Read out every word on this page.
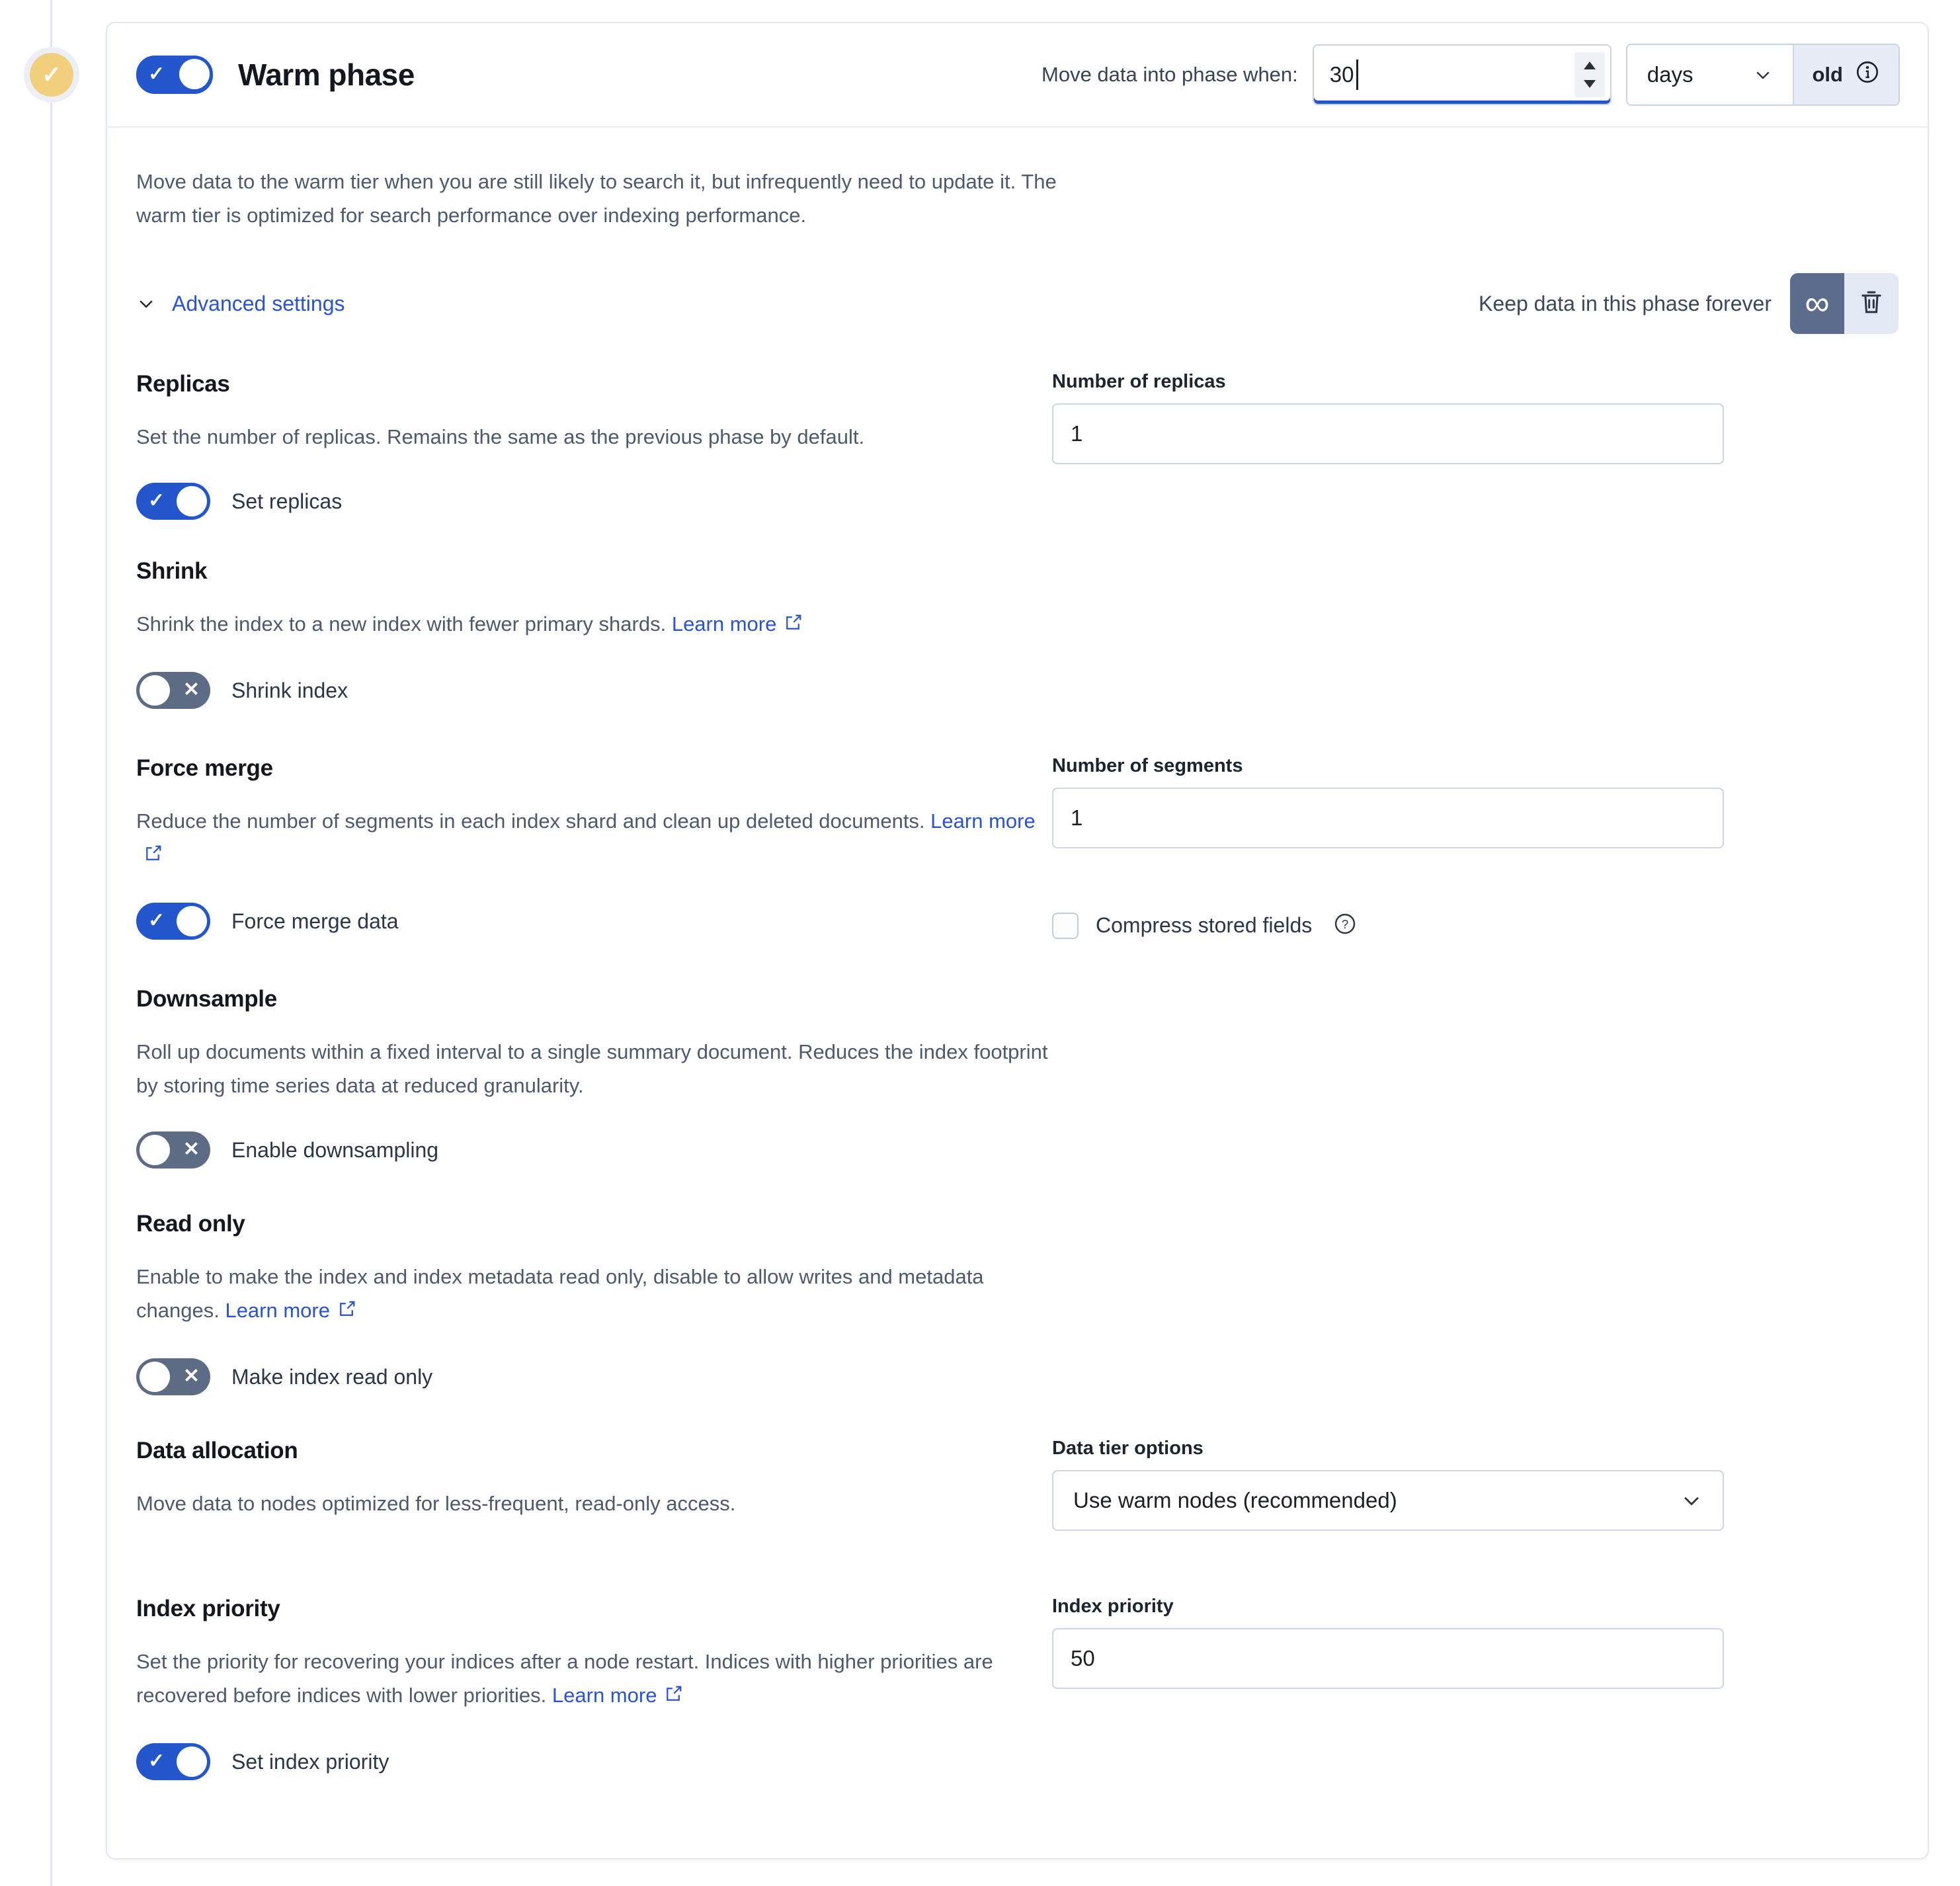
✓	✓ Warm phase	Move data into phase when: 30	days	old

Move data to the warm tier when you are still likely to search it, but infrequently need to update it. The warm tier is optimized for search performance over indexing performance.

Advanced settings	Keep data in this phase forever ∞
Replicas

Set the number of replicas. Remains the same as the previous phase by default.

✓	Set replicas
Number of replicas
1
Shrink

Shrink the index to a new index with fewer primary shards. Learn more

✕ Shrink index
Force merge

Reduce the number of segments in each index shard and clean up deleted documents. Learn more

✓	Force merge data
Number of segments
1
Compress stored fields	?
Downsample

Roll up documents within a fixed interval to a single summary document. Reduces the index footprint by storing time series data at reduced granularity.

✕ Enable downsampling
Read only

Enable to make the index and index metadata read only, disable to allow writes and metadata changes. Learn more

✕ Make index read only
Data allocation

Move data to nodes optimized for less-frequent, read-only access.

Data tier options
Use warm nodes (recommended)
Index priority

Set the priority for recovering your indices after a node restart. Indices with higher priorities are recovered before indices with lower priorities. Learn more

✓	Set index priority
Index priority
50
